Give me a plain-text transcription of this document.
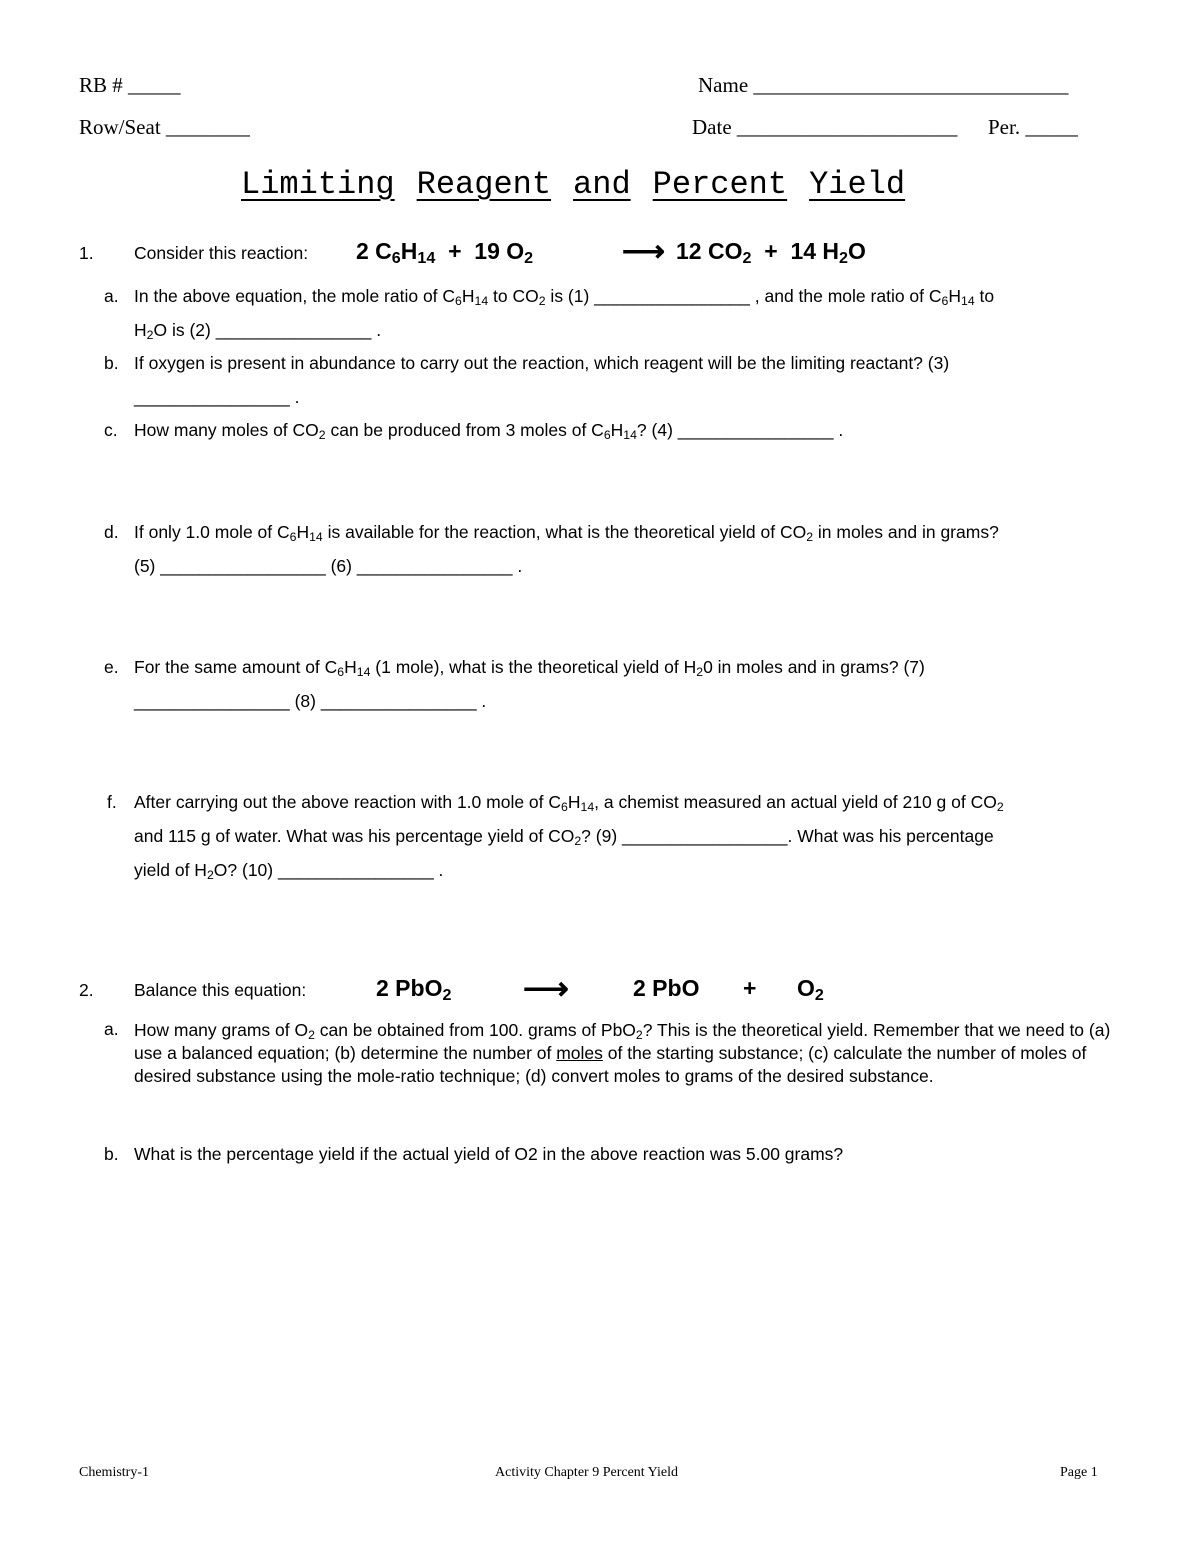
RB # _____
Row/Seat ________
Name ______________________________
Date _____________________ Per. _____
Limiting Reagent and Percent Yield
1. Consider this reaction: 2 $C_6H_{14} + 19$ $O_2$	⟶ 12 $CO_2 + 14$ $H_2O$
a. In the above equation, the mole ratio of $C_6H_{14}$ to $CO_2$ is (1) ________________ , and the mole ratio of $C_6H_{14}$ to
$H_2O$ is (2) ________________ .
b. If oxygen is present in abundance to carry out the reaction, which reagent will be the limiting reactant? (3)
________________ .
c. How many moles of $CO_2$ can be produced from 3 moles of $C_6H_{14}$? (4) ________________ .
d. If only 1.0 mole of $C_6H_{14}$ is available for the reaction, what is the theoretical yield of $CO_2$ in moles and in grams?
(5) _________________ (6) ________________ .
e. For the same amount of $C_6H_{14}$ (1 mole), what is the theoretical yield of $H_20$ in moles and in grams? (7)
________________ (8) ________________ .
f. After carrying out the above reaction with 1.0 mole of $C_6H_{14}$, a chemist measured an actual yield of 210 g of $CO_2$
and 115 g of water. What was his percentage yield of $CO_2$? (9) _________________. What was his percentage
yield of $H_2O$? (10) ________________ .
2. Balance this equation:	2 PbO$_2$ ⟶	2 PbO + $O_2$
a. How many grams of $O_2$ can be obtained from 100. grams of PbO$_2$? This is the theoretical yield. Remember that we need to (a) use a balanced equation; (b) determine the number of moles of the starting substance; (c) calculate the number of moles of desired substance using the mole-ratio technique; (d) convert moles to grams of the desired substance.
b. What is the percentage yield if the actual yield of O2 in the above reaction was 5.00 grams?
Chemistry-1	Activity Chapter 9 Percent Yield	Page 1
